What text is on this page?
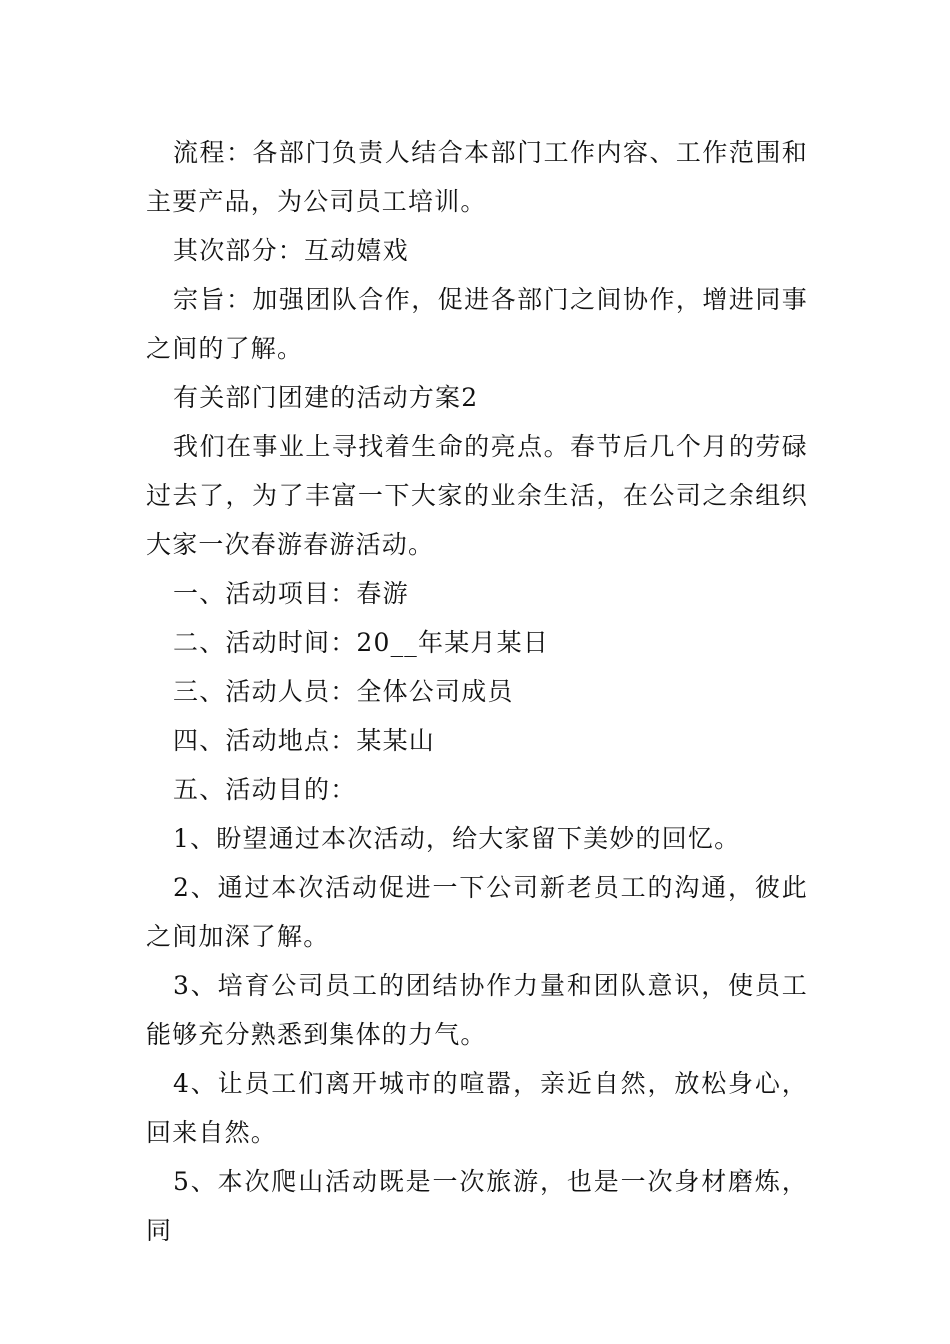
流程：各部门负责人结合本部门工作内容、工作范围和主要产品，为公司员工培训。

其次部分：互动嬉戏

宗旨：加强团队合作，促进各部门之间协作，增进同事之间的了解。

有关部门团建的活动方案2

我们在事业上寻找着生命的亮点。春节后几个月的劳碌过去了，为了丰富一下大家的业余生活，在公司之余组织大家一次春游春游活动。

一、活动项目：春游

二、活动时间：20__年某月某日

三、活动人员：全体公司成员

四、活动地点：某某山

五、活动目的：

1、盼望通过本次活动，给大家留下美妙的回忆。

2、通过本次活动促进一下公司新老员工的沟通，彼此之间加深了解。

3、培育公司员工的团结协作力量和团队意识，使员工能够充分熟悉到集体的力气。

4、让员工们离开城市的喧嚣，亲近自然，放松身心，回来自然。

5、本次爬山活动既是一次旅游，也是一次身材磨炼，同
